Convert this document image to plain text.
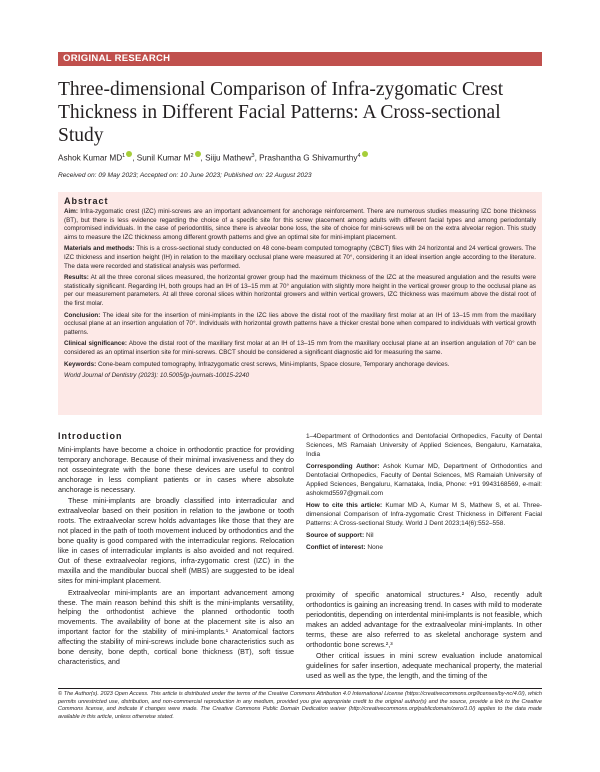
ORIGINAL RESEARCH
Three-dimensional Comparison of Infra-zygomatic Crest Thickness in Different Facial Patterns: A Cross-sectional Study
Ashok Kumar $MD^1$ , Sunil Kumar $M^2$ , Siiju Mathew$^3$, Prashantha G Shivamurthy$^4$
Received on: 09 May 2023; Accepted on: 10 June 2023; Published on: 22 August 2023
Abstract

Aim: Infra-zygomatic crest (IZC) mini-screws are an important advancement for anchorage reinforcement. There are numerous studies measuring IZC bone thickness (BT), but there is less evidence regarding the choice of a specific site for this screw placement among adults with different facial types and among periodontally compromised individuals. In the case of periodontitis, since there is alveolar bone loss, the site of choice for mini-screws will be on the extra alveolar region. This study aims to measure the IZC thickness among different growth patterns and give an optimal site for mini-implant placement.

Materials and methods: This is a cross-sectional study conducted on 48 cone-beam computed tomography (CBCT) files with 24 horizontal and 24 vertical growers. The IZC thickness and insertion height (IH) in relation to the maxillary occlusal plane were measured at 70°, considering it an ideal insertion angle according to the literature. The data were recorded and statistical analysis was performed.

Results: At all the three coronal slices measured, the horizontal grower group had the maximum thickness of the IZC at the measured angulation and the results were statistically significant. Regarding IH, both groups had an IH of 13–15 mm at 70° angulation with slightly more height in the vertical grower group to the occlusal plane as per our measurement parameters. At all three coronal slices within horizontal growers and within vertical growers, IZC thickness was maximum above the distal root of the first molar.

Conclusion: The ideal site for the insertion of mini-implants in the IZC lies above the distal root of the maxillary first molar at an IH of 13–15 mm from the maxillary occlusal plane at an insertion angulation of 70°. Individuals with horizontal growth patterns have a thicker crestal bone when compared to individuals with vertical growth patterns.

Clinical significance: Above the distal root of the maxillary first molar at an IH of 13–15 mm from the maxillary occlusal plane at an insertion angulation of 70° can be considered as an optimal insertion site for mini-screws. CBCT should be considered a significant diagnostic aid for measuring the same.

Keywords: Cone-beam computed tomography, Infrazygomatic crest screws, Mini-implants, Space closure, Temporary anchorage devices.

World Journal of Dentistry (2023): 10.5005/jp-journals-10015-2240

Introduction

Mini-implants have become a choice in orthodontic practice for providing temporary anchorage. Because of their minimal invasiveness and they do not osseointegrate with the bone these devices are useful to control anchorage in less compliant patients or in cases where absolute anchorage is necessary.

These mini-implants are broadly classified into interradicular and extraalveolar based on their position in relation to the jawbone or tooth roots. The extraalveolar screw holds advantages like those that they are not placed in the path of tooth movement induced by orthodontics and the bone quality is good compared with the interradicular regions. Relocation like in cases of interradicular implants is also avoided and not required. Out of these extraalveolar regions, infra-zygomatic crest (IZC) in the maxilla and the mandibular buccal shelf (MBS) are suggested to be ideal sites for mini-implant placement.

Extraalveolar mini-implants are an important advancement among these. The main reason behind this shift is the mini-implants versatility, helping the orthodontist achieve the planned orthodontic tooth movements. The availability of bone at the placement site is also an important factor for the stability of mini-implants.¹ Anatomical factors affecting the stability of mini-screws include bone characteristics such as bone density, bone depth, cortical bone thickness (BT), soft tissue characteristics, and

1–4Department of Orthodontics and Dentofacial Orthopedics, Faculty of Dental Sciences, MS Ramaiah University of Applied Sciences, Bengaluru, Karnataka, India

Corresponding Author: Ashok Kumar MD, Department of Orthodontics and Dentofacial Orthopedics, Faculty of Dental Sciences, MS Ramaiah University of Applied Sciences, Bengaluru, Karnataka, India, Phone: +91 9943168569, e-mail: ashokmd5597@gmail.com

How to cite this article: Kumar MD A, Kumar M S, Mathew S, et al. Three-dimensional Comparison of Infra-zygomatic Crest Thickness in Different Facial Patterns: A Cross-sectional Study. World J Dent 2023;14(6):552–558.

Source of support: Nil

Conflict of interest: None

proximity of specific anatomical structures.² Also, recently adult orthodontics is gaining an increasing trend. In cases with mild to moderate periodontitis, depending on interdental mini-implants is not feasible, which makes an added advantage for the extraalveolar mini-implants. In other terms, these are also referred to as skeletal anchorage system and orthodontic bone screws.²,³

Other critical issues in mini screw evaluation include anatomical guidelines for safer insertion, adequate mechanical property, the material used as well as the type, the length, and the timing of the

© The Author(s). 2023 Open Access. This article is distributed under the terms of the Creative Commons Attribution 4.0 International License (https://creativecommons.org/licenses/by-nc/4.0/), which permits unrestricted use, distribution, and non-commercial reproduction in any medium, provided you give appropriate credit to the original author(s) and the source, provide a link to the Creative Commons license, and indicate if changes were made. The Creative Commons Public Domain Dedication waiver (http://creativecommons.org/publicdomain/zero/1.0/) applies to the data made available in this article, unless otherwise stated.
